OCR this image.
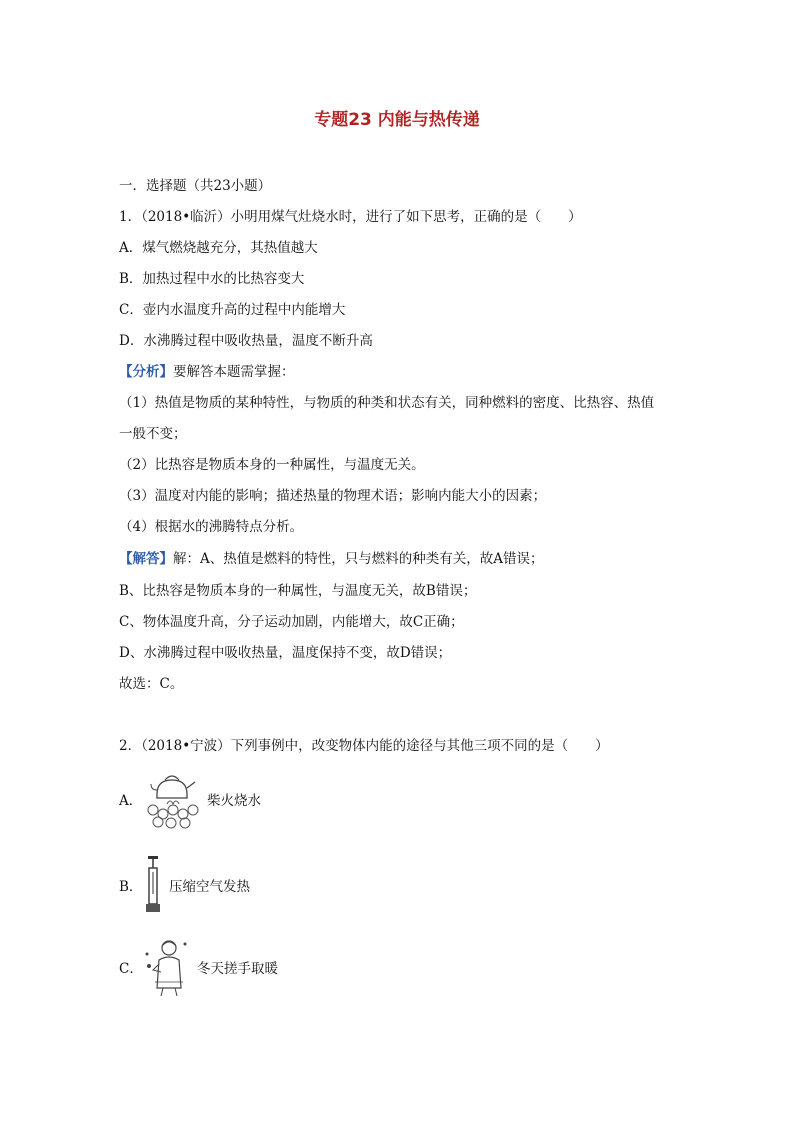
专题23 内能与热传递
一．选择题（共23小题）
1．（2018•临沂）小明用煤气灶烧水时，进行了如下思考，正确的是（　　）
A．煤气燃烧越充分，其热值越大
B．加热过程中水的比热容变大
C．壶内水温度升高的过程中内能增大
D．水沸腾过程中吸收热量，温度不断升高
【分析】要解答本题需掌握：
（1）热值是物质的某种特性，与物质的种类和状态有关，同种燃料的密度、比热容、热值
一般不变；
（2）比热容是物质本身的一种属性，与温度无关。
（3）温度对内能的影响；描述热量的物理术语；影响内能大小的因素；
（4）根据水的沸腾特点分析。
【解答】解：A、热值是燃料的特性，只与燃料的种类有关，故A错误；
B、比热容是物质本身的一种属性，与温度无关，故B错误；
C、物体温度升高，分子运动加剧，内能增大，故C正确；
D、水沸腾过程中吸收热量，温度保持不变，故D错误；
故选：C。
2．（2018•宁波）下列事例中，改变物体内能的途径与其他三项不同的是（　　）
A．	柴火烧水
B． 压缩空气发热
C．	冬天搓手取暖
